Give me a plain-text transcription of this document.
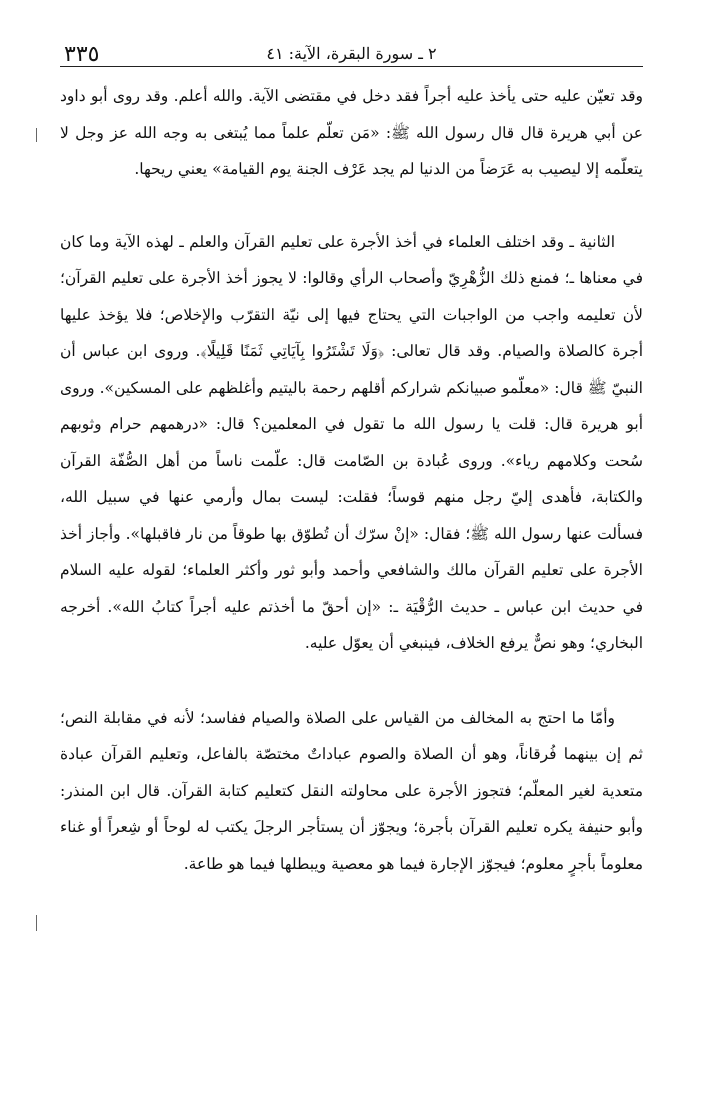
٣٣٥	٢ ـ سورة البقرة، الآية: ٤١

وقد تعيّن عليه حتى يأخذ عليه أجراً فقد دخل في مقتضى الآية. والله أعلم. وقد روى أبو داود عن أبي هريرة قال قال رسول الله ﷺ: «مَن تعلّم علماً مما يُبتغى به وجه الله عز وجل لا يتعلّمه إلا ليصيب به عَرَضاً من الدنيا لم يجد عَرْف الجنة يوم القيامة» يعني ريحها.

الثانية ـ وقد اختلف العلماء في أخذ الأجرة على تعليم القرآن والعلم ـ لهذه الآية وما كان في معناها ـ؛ فمنع ذلك الزُّهْرِيّ وأصحاب الرأي وقالوا: لا يجوز أخذ الأجرة على تعليم القرآن؛ لأن تعليمه واجب من الواجبات التي يحتاج فيها إلى نيّة التقرّب والإخلاص؛ فلا يؤخذ عليها أجرة كالصلاة والصيام. وقد قال تعالى: ﴿وَلَا تَشْتَرُوا بِآيَاتِي ثَمَنًا قَلِيلًا﴾. وروى ابن عباس أن النبيّ ﷺ قال: «معلّمو صبيانكم شراركم أقلهم رحمة باليتيم وأغلظهم على المسكين». وروى أبو هريرة قال: قلت يا رسول الله ما تقول في المعلمين؟ قال: «درهمهم حرام وثوبهم سُحت وكلامهم رياء». وروى عُبادة بن الصّامت قال: علّمت ناساً من أهل الصُّفّة القرآن والكتابة، فأهدى إليّ رجل منهم قوساً؛ فقلت: ليست بمال وأرمي عنها في سبيل الله، فسألت عنها رسول الله ﷺ؛ فقال: «إنْ سرّك أن تُطوّق بها طوقاً من نار فاقبلها». وأجاز أخذ الأجرة على تعليم القرآن مالك والشافعي وأحمد وأبو ثور وأكثر العلماء؛ لقوله عليه السلام في حديث ابن عباس ـ حديث الرُّقْيَة ـ: «إن أحقّ ما أخذتم عليه أجراً كتابُ الله». أخرجه البخاري؛ وهو نصٌّ يرفع الخلاف، فينبغي أن يعوّل عليه.

وأمّا ما احتج به المخالف من القياس على الصلاة والصيام ففاسد؛ لأنه في مقابلة النص؛ ثم إن بينهما فُرقاناً، وهو أن الصلاة والصوم عباداتٌ مختصّة بالفاعل، وتعليم القرآن عبادة متعدية لغير المعلّم؛ فتجوز الأجرة على محاولته النقل كتعليم كتابة القرآن. قال ابن المنذر: وأبو حنيفة يكره تعليم القرآن بأجرة؛ ويجوّز أن يستأجر الرجلَ يكتب له لوحاً أو شِعراً أو غناء معلوماً بأجرٍ معلوم؛ فيجوّز الإجارة فيما هو معصية ويبطلها فيما هو طاعة.
